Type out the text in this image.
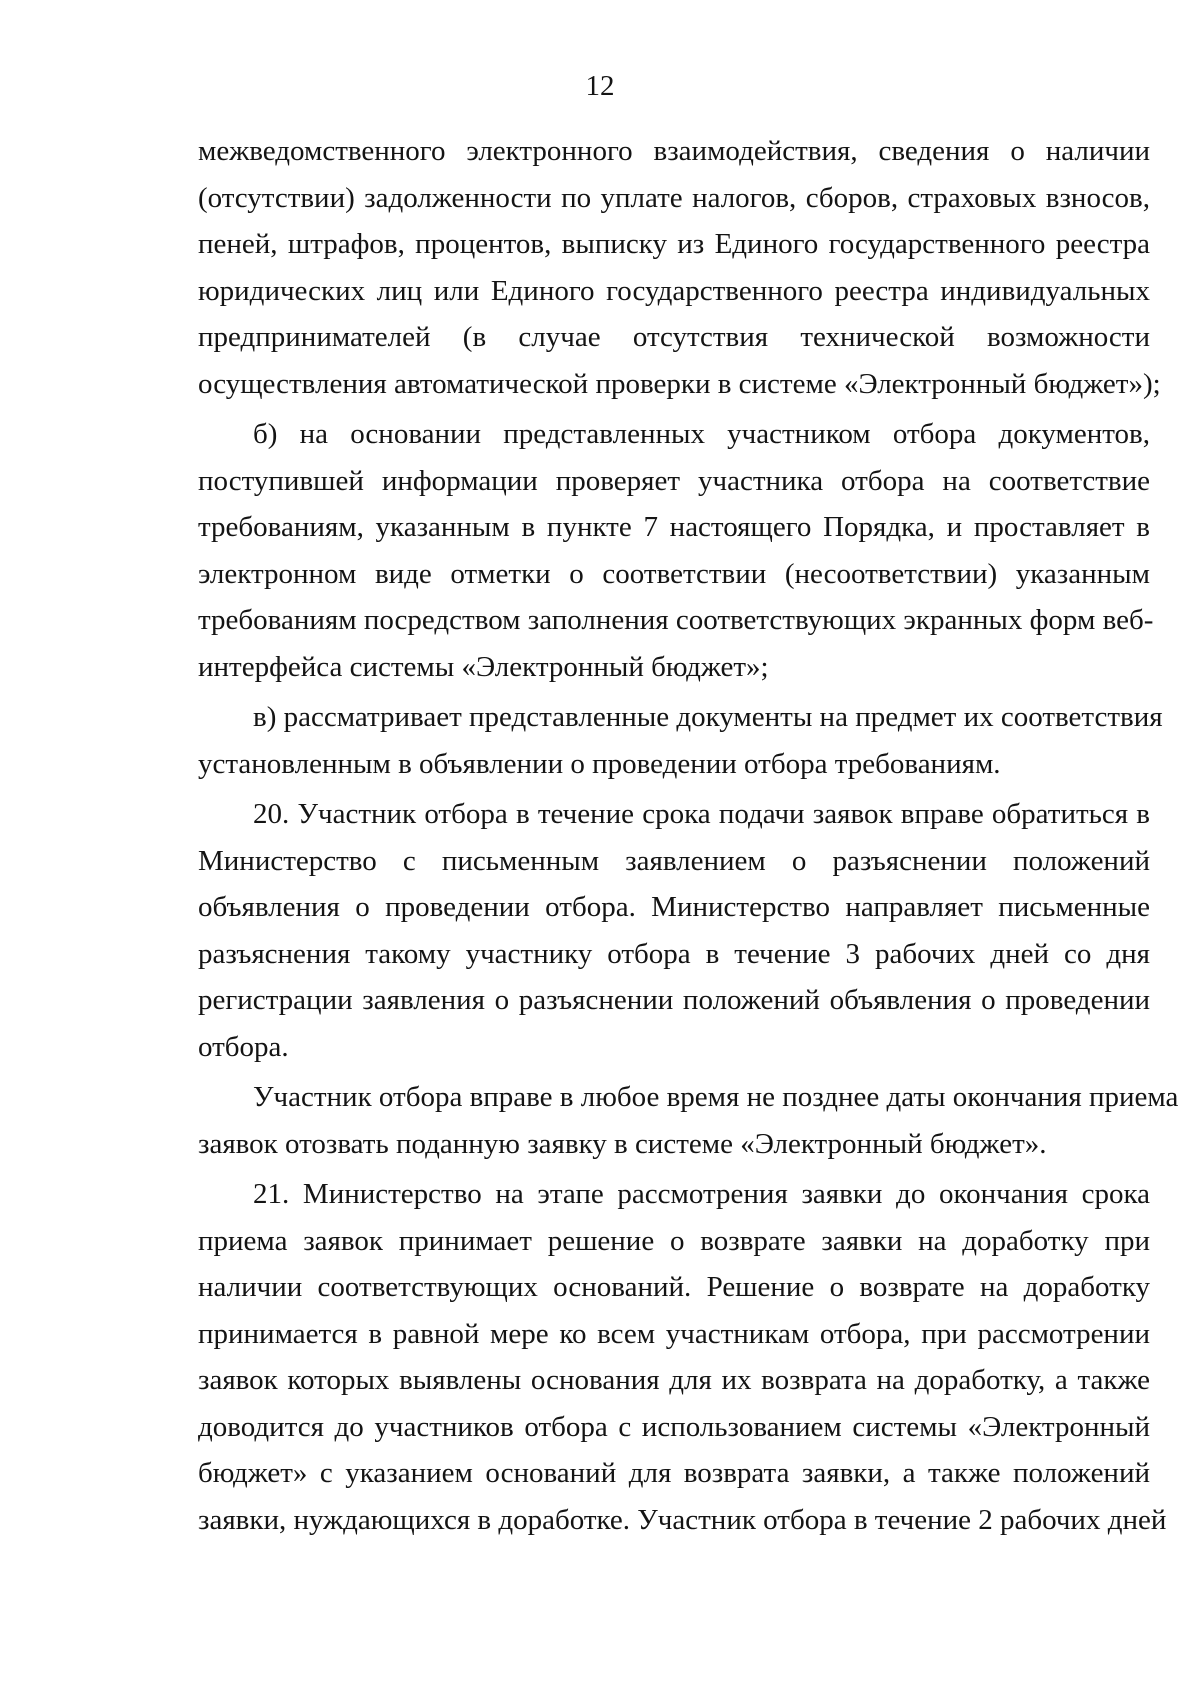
12
межведомственного электронного взаимодействия, сведения о наличии
(отсутствии) задолженности по уплате налогов, сборов, страховых взносов,
пеней, штрафов, процентов, выписку из Единого государственного реестра
юридических лиц или Единого государственного реестра индивидуальных
предпринимателей (в случае отсутствия технической возможности
осуществления автоматической проверки в системе «Электронный бюджет»);
б) на основании представленных участником отбора документов,
поступившей информации проверяет участника отбора на соответствие
требованиям, указанным в пункте 7 настоящего Порядка, и проставляет в
электронном виде отметки о соответствии (несоответствии) указанным
требованиям посредством заполнения соответствующих экранных форм веб-
интерфейса системы «Электронный бюджет»;
в) рассматривает представленные документы на предмет их соответствия
установленным в объявлении о проведении отбора требованиям.
20. Участник отбора в течение срока подачи заявок вправе обратиться в
Министерство с письменным заявлением о разъяснении положений
объявления о проведении отбора. Министерство направляет письменные
разъяснения такому участнику отбора в течение 3 рабочих дней со дня
регистрации заявления о разъяснении положений объявления о проведении
отбора.
Участник отбора вправе в любое время не позднее даты окончания приема
заявок отозвать поданную заявку в системе «Электронный бюджет».
21. Министерство на этапе рассмотрения заявки до окончания срока
приема заявок принимает решение о возврате заявки на доработку при
наличии соответствующих оснований. Решение о возврате на доработку
принимается в равной мере ко всем участникам отбора, при рассмотрении
заявок которых выявлены основания для их возврата на доработку, а также
доводится до участников отбора с использованием системы «Электронный
бюджет» с указанием оснований для возврата заявки, а также положений
заявки, нуждающихся в доработке. Участник отбора в течение 2 рабочих дней
